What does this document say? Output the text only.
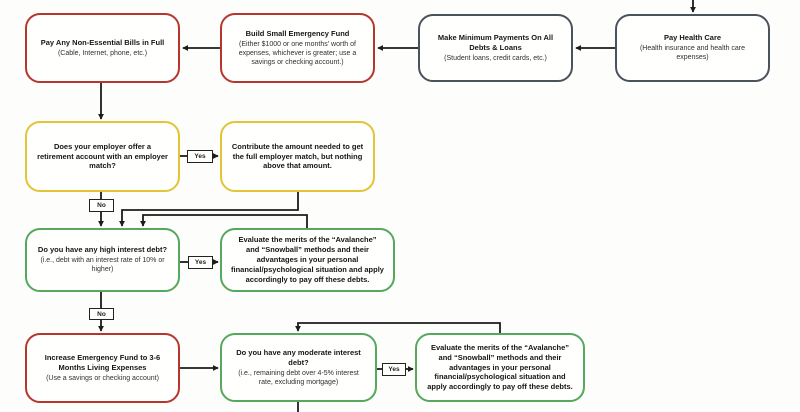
Pay Any Non-Essential Bills in Full
(Cable, Internet, phone, etc.)
Build Small Emergency Fund
(Either $1000 or one months' worth of expenses, whichever is greater; use a savings or checking account.)
Make Minimum Payments On All Debts & Loans
(Student loans, credit cards, etc.)
Pay Health Care
(Health insurance and health care expenses)
Does your employer offer a retirement account with an employer match?
Contribute the amount needed to get the full employer match, but nothing above that amount.
Do you have any high interest debt?
(i.e., debt with an interest rate of 10% or higher)
Evaluate the merits of the “Avalanche” and “Snowball” methods and their advantages in your personal financial/psychological situation and apply accordingly to pay off these debts.
Increase Emergency Fund to 3-6 Months Living Expenses
(Use a savings or checking account)
Do you have any moderate interest debt?
(i.e., remaining debt over 4-5% interest rate, excluding mortgage)
Evaluate the merits of the “Avalanche” and “Snowball” methods and their advantages in your personal financial/psychological situation and apply accordingly to pay off these debts.
Yes
No
Yes
No
Yes
